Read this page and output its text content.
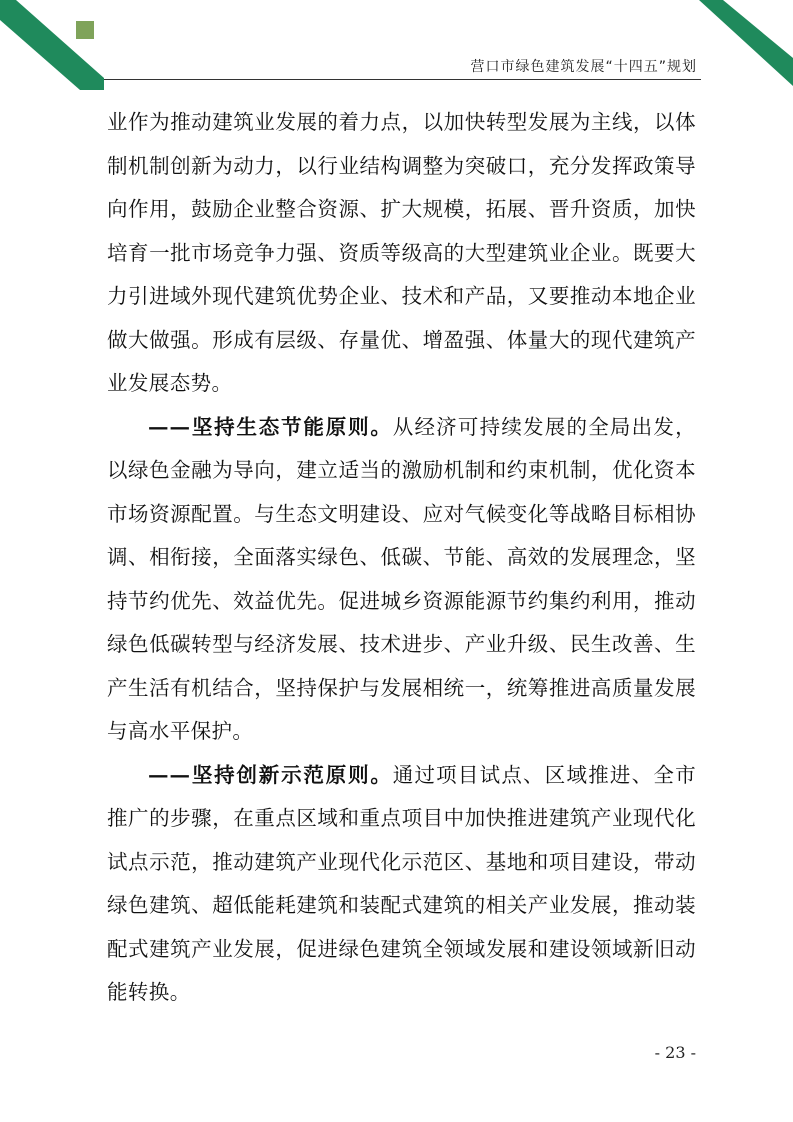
营口市绿色建筑发展“十四五”规划

业作为推动建筑业发展的着力点，以加快转型发展为主线，以体制机制创新为动力，以行业结构调整为突破口，充分发挥政策导向作用，鼓励企业整合资源、扩大规模，拓展、晋升资质，加快培育一批市场竞争力强、资质等级高的大型建筑业企业。既要大力引进域外现代建筑优势企业、技术和产品，又要推动本地企业做大做强。形成有层级、存量优、增盈强、体量大的现代建筑产业发展态势。

——坚持生态节能原则。从经济可持续发展的全局出发，以绿色金融为导向，建立适当的激励机制和约束机制，优化资本市场资源配置。与生态文明建设、应对气候变化等战略目标相协调、相衔接，全面落实绿色、低碳、节能、高效的发展理念，坚持节约优先、效益优先。促进城乡资源能源节约集约利用，推动绿色低碳转型与经济发展、技术进步、产业升级、民生改善、生产生活有机结合，坚持保护与发展相统一，统筹推进高质量发展与高水平保护。

——坚持创新示范原则。通过项目试点、区域推进、全市推广的步骤，在重点区域和重点项目中加快推进建筑产业现代化试点示范，推动建筑产业现代化示范区、基地和项目建设，带动绿色建筑、超低能耗建筑和装配式建筑的相关产业发展，推动装配式建筑产业发展，促进绿色建筑全领域发展和建设领域新旧动能转换。

- 23 -
